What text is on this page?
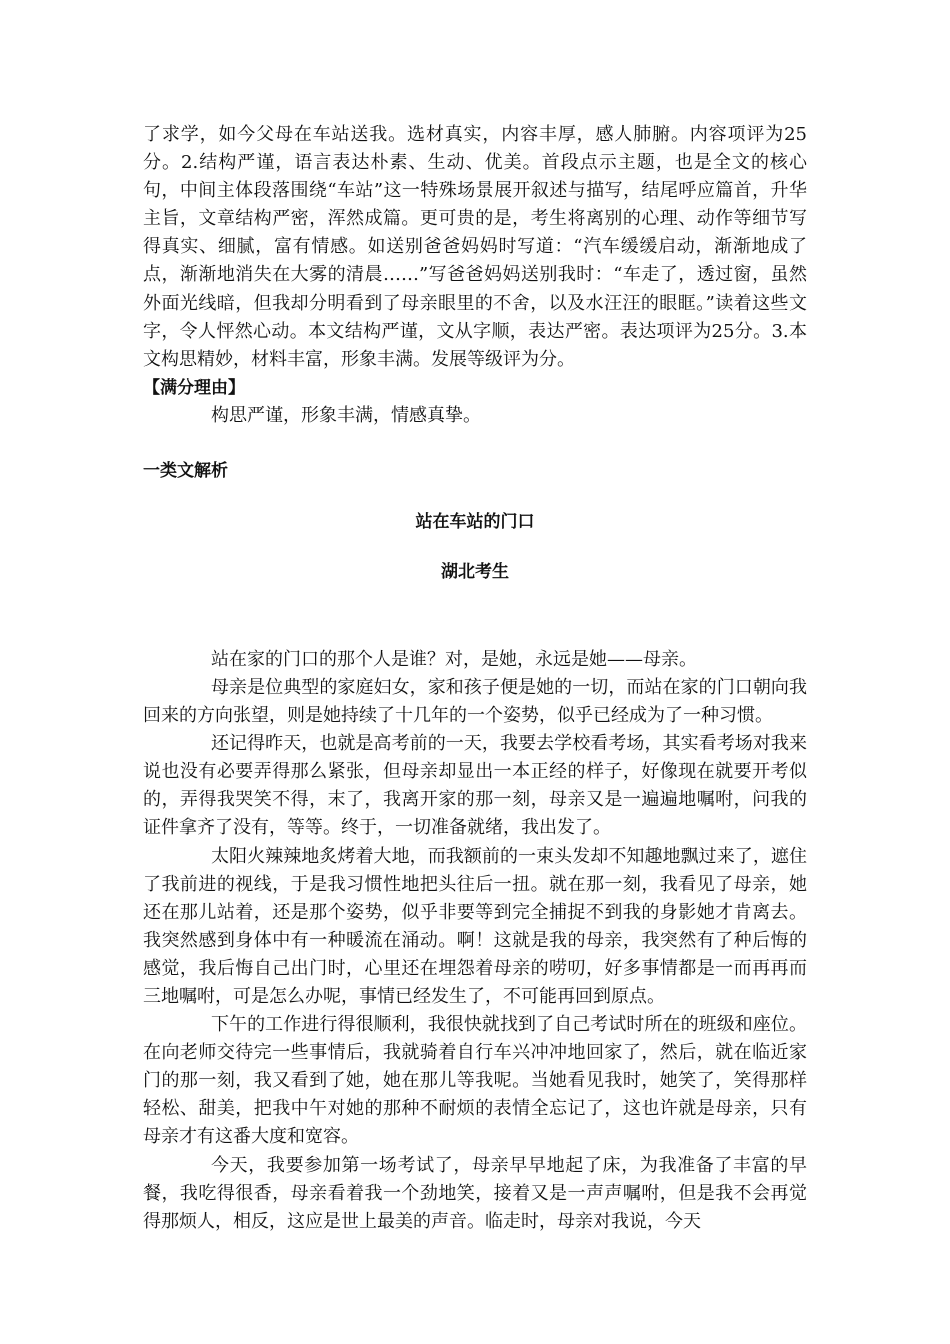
了求学，如今父母在车站送我。选材真实，内容丰厚，感人肺腑。内容项评为25分。2.结构严谨，语言表达朴素、生动、优美。首段点示主题，也是全文的核心句，中间主体段落围绕“车站”这一特殊场景展开叙述与描写，结尾呼应篇首，升华主旨，文章结构严密，浑然成篇。更可贵的是，考生将离别的心理、动作等细节写得真实、细腻，富有情感。如送别爸爸妈妈时写道：“汽车缓缓启动，渐渐地成了点，渐渐地消失在大雾的清晨……”写爸爸妈妈送别我时：“车走了，透过窗，虽然外面光线暗，但我却分明看到了母亲眼里的不舍，以及水汪汪的眼眶。”读着这些文字，令人怦然心动。本文结构严谨，文从字顺，表达严密。表达项评为25分。3.本文构思精妙，材料丰富，形象丰满。发展等级评为分。

【满分理由】

构思严谨，形象丰满，情感真挚。

一类文解析

站在车站的门口

湖北考生

站在家的门口的那个人是谁？对，是她，永远是她——母亲。

母亲是位典型的家庭妇女，家和孩子便是她的一切，而站在家的门口朝向我回来的方向张望，则是她持续了十几年的一个姿势，似乎已经成为了一种习惯。

还记得昨天，也就是高考前的一天，我要去学校看考场，其实看考场对我来说也没有必要弄得那么紧张，但母亲却显出一本正经的样子，好像现在就要开考似的，弄得我哭笑不得，末了，我离开家的那一刻，母亲又是一遍遍地嘱咐，问我的证件拿齐了没有，等等。终于，一切准备就绪，我出发了。

太阳火辣辣地炙烤着大地，而我额前的一束头发却不知趣地飘过来了，遮住了我前进的视线，于是我习惯性地把头往后一扭。就在那一刻，我看见了母亲，她还在那儿站着，还是那个姿势，似乎非要等到完全捕捉不到我的身影她才肯离去。我突然感到身体中有一种暖流在涌动。啊！这就是我的母亲，我突然有了种后悔的感觉，我后悔自己出门时，心里还在埋怨着母亲的唠叨，好多事情都是一而再再而三地嘱咐，可是怎么办呢，事情已经发生了，不可能再回到原点。

下午的工作进行得很顺利，我很快就找到了自己考试时所在的班级和座位。在向老师交待完一些事情后，我就骑着自行车兴冲冲地回家了，然后，就在临近家门的那一刻，我又看到了她，她在那儿等我呢。当她看见我时，她笑了，笑得那样轻松、甜美，把我中午对她的那种不耐烦的表情全忘记了，这也许就是母亲，只有母亲才有这番大度和宽容。

今天，我要参加第一场考试了，母亲早早地起了床，为我准备了丰富的早餐，我吃得很香，母亲看着我一个劲地笑，接着又是一声声嘱咐，但是我不会再觉得那烦人，相反，这应是世上最美的声音。临走时，母亲对我说，今天
